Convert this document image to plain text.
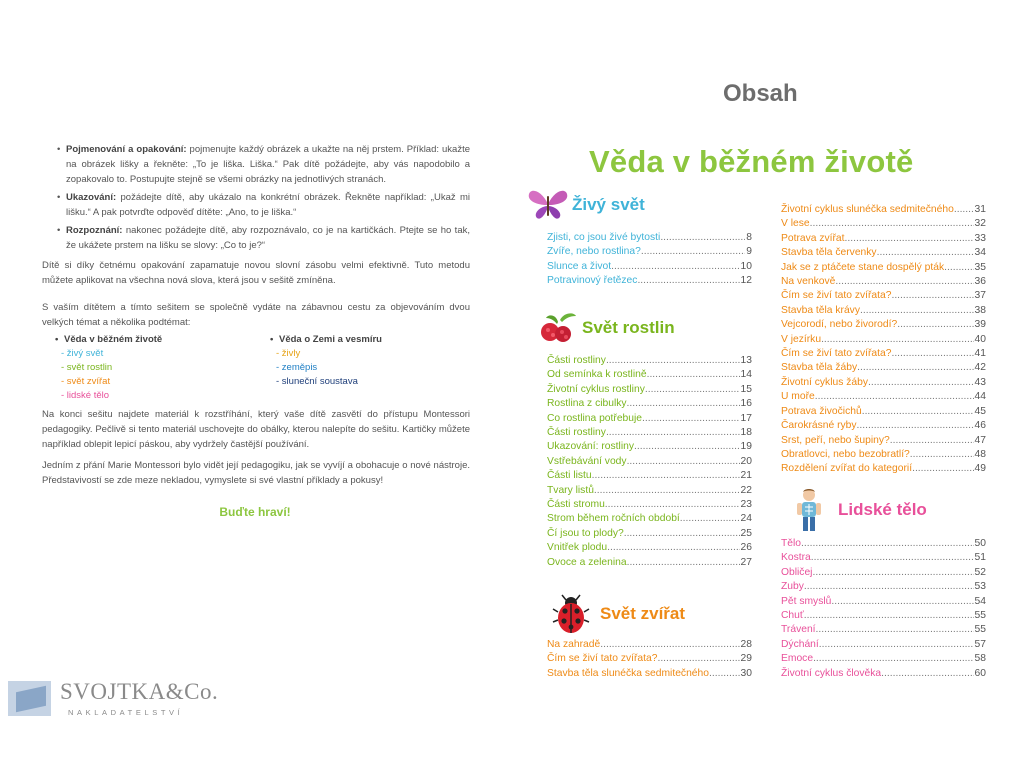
• Pojmenování a opakování: pojmenujte každý obrázek a ukažte na něj prstem. Příklad: ukažte na obrázek lišky a řekněte: „To je liška. Liška.“ Pak dítě požádejte, aby vás napodobilo a zopakovalo to. Postupujte stejně se všemi obrázky na jednotlivých stranách.
• Ukazování: požádejte dítě, aby ukázalo na konkrétní obrázek. Řekněte například: „Ukaž mi lišku.“ A pak potvrďte odpověď dítěte: „Ano, to je liška.“
• Rozpoznání: nakonec požádejte dítě, aby rozpoznávalo, co je na kartičkách. Ptejte se ho tak, že ukážete prstem na lišku se slovy: „Co to je?“
Dítě si díky četnému opakování zapamatuje novou slovní zásobu velmi efektivně. Tuto metodu můžete aplikovat na všechna nová slova, která jsou v sešitě zmíněna.
S vaším dítětem a tímto sešitem se společně vydáte na zábavnou cestu za objevováním dvou velkých témat a několika podtémat:
• Věda v běžném životě
- živý svět
- svět rostlin
- svět zvířat
- lidské tělo
• Věda o Zemi a vesmíru
- živly
- zeměpis
- sluneční soustava
Na konci sešitu najdete materiál k rozstříhání, který vaše dítě zasvětí do přístupu Montessori pedagogiky. Pečlivě si tento materiál uschovejte do obálky, kterou nalepíte do sešitu. Kartičky můžete například oblepit lepicí páskou, aby vydržely častější používání.
Jedním z přání Marie Montessori bylo vidět její pedagogiku, jak se vyvíjí a obohacuje o nové nástroje. Představivostí se zde meze nekladou, vymyslete si své vlastní příklady a pokusy!
Buďte hraví!
SVOJTKA&Co.
NAKLADATELSTVÍ
Obsah
Věda v běžném životě
Živý svět
Zjisti, co jsou živé bytosti .....	8
Zvíře, nebo rostlina? .....	9
Slunce a život .....	10
Potravinový řetězec .....	12
Svět rostlin
Části rostliny .....	13
Od semínka k rostlině .....	14
Životní cyklus rostliny .....	15
Rostlina z cibulky .....	16
Co rostlina potřebuje .....	17
Části rostliny .....	18
Ukazování: rostliny .....	19
Vstřebávání vody .....	20
Části listu .....	21
Tvary listů .....	22
Části stromu .....	23
Strom během ročních období .....	24
Čí jsou to plody? .....	25
Vnitřek plodu .....	26
Ovoce a zelenina .....	27
Svět zvířat
Na zahradě .....	28
Čím se živí tato zvířata? .....	29
Stavba těla slunéčka sedmitečného .....	30
Životní cyklus slunéčka sedmitečného ..... 31
V lese .....	32
Potrava zvířat .....	33
Stavba těla červenky .....	34
Jak se z ptáčete stane dospělý pták .....	35
Na venkově .....	36
Čím se živí tato zvířata? .....	37
Stavba těla krávy .....	38
Vejcorodí, nebo živorodí? .....	39
V jezírku .....	40
Čím se živí tato zvířata? .....	41
Stavba těla žáby .....	42
Životní cyklus žáby .....	43
U moře .....	44
Potrava živočichů .....	45
Čarokrásné ryby .....	46
Srst, peří, nebo šupiny? .....	47
Obratlovci, nebo bezobratlí? .....	48
Rozdělení zvířat do kategorií .....	49
Lidské tělo
Tělo .....	50
Kostra .....	51
Obličej .....	52
Zuby .....	53
Pět smyslů .....	54
Chuť .....	55
Trávení .....	55
Dýchání .....	57
Emoce .....	58
Životní cyklus člověka .....	60
